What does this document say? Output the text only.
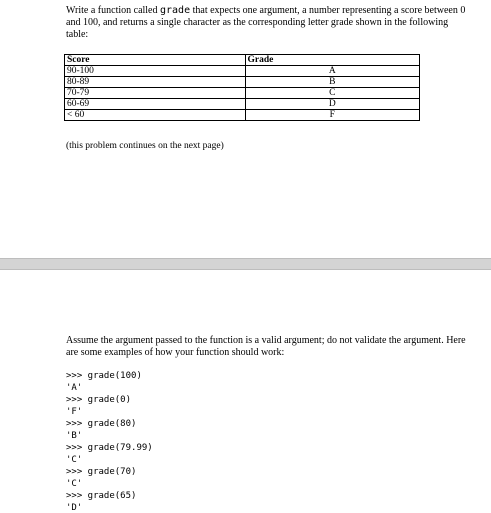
Write a function called grade that expects one argument, a number representing a score between 0 and 100, and returns a single character as the corresponding letter grade shown in the following table:

Score	Grade
90-100	A
80-89	B
70-79	C
60-69	D
< 60	F

(this problem continues on the next page)

Assume the argument passed to the function is a valid argument; do not validate the argument. Here are some examples of how your function should work:

>>> grade(100)
'A'
>>> grade(0)
'F'
>>> grade(80)
'B'
>>> grade(79.99)
'C'
>>> grade(70)
'C'
>>> grade(65)
'D'
